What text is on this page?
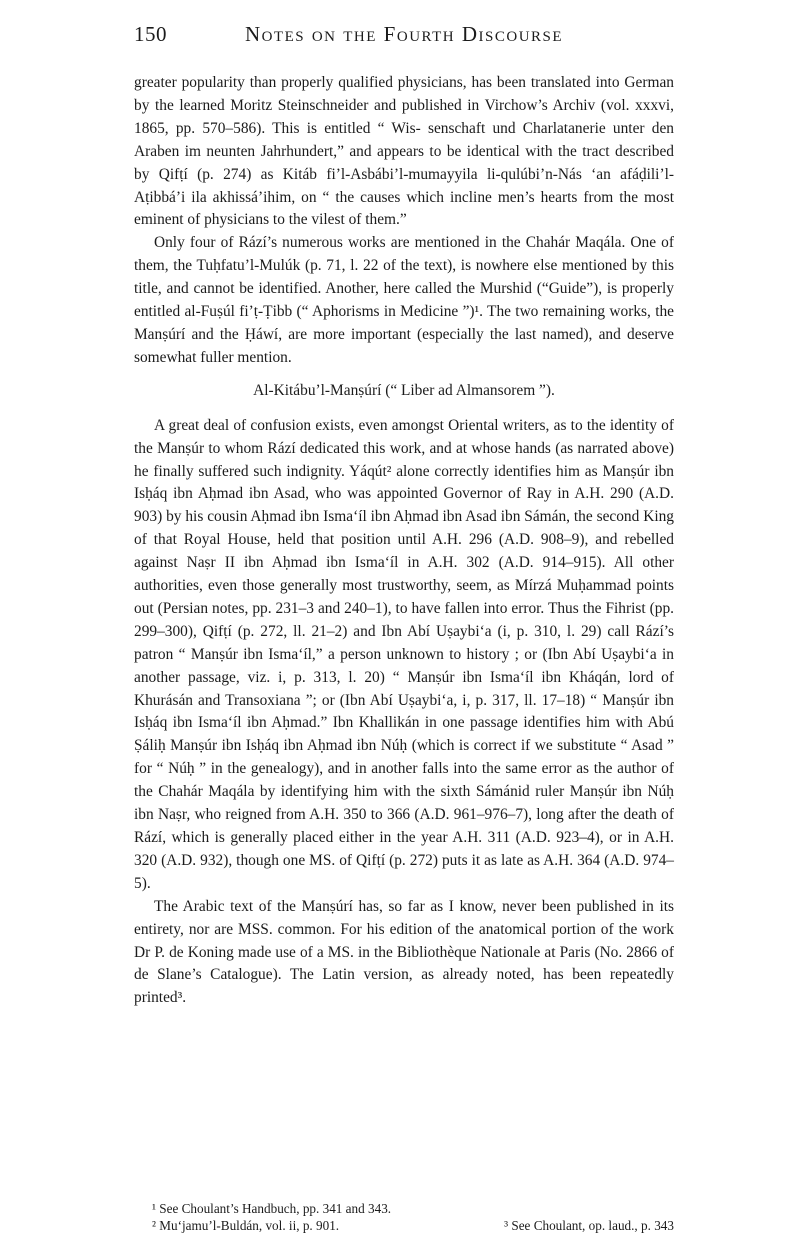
150	Notes on the Fourth Discourse

greater popularity than properly qualified physicians, has been translated into German by the learned Moritz Steinschneider and published in Virchow’s Archiv (vol. xxxvi, 1865, pp. 570–586). This is entitled “ Wis- senschaft und Charlatanerie unter den Araben im neunten Jahrhundert,” and appears to be identical with the tract described by Qifṭí (p. 274) as Kitáb fi’l-Asbábi’l-mumayyila li-qulúbi’n-Nás ‘an afáḍili’l-Aṭibbá’i ila akhissá’ihim, on “ the causes which incline men’s hearts from the most eminent of physicians to the vilest of them.”

Only four of Rází’s numerous works are mentioned in the Chahár Maqála. One of them, the Tuḥfatu’l-Mulúk (p. 71, l. 22 of the text), is nowhere else mentioned by this title, and cannot be identified. Another, here called the Murshid (“Guide”), is properly entitled al-Fuṣúl fi’ṭ-Ṭibb (“ Aphorisms in Medicine ”)¹. The two remaining works, the Manṣúrí and the Ḥáwí, are more important (especially the last named), and deserve somewhat fuller mention.

Al-Kitábu’l-Manṣúrí (“ Liber ad Almansorem ”).

A great deal of confusion exists, even amongst Oriental writers, as to the identity of the Manṣúr to whom Rází dedicated this work, and at whose hands (as narrated above) he finally suffered such indignity. Yáqút² alone correctly identifies him as Manṣúr ibn Isḥáq ibn Aḥmad ibn Asad, who was appointed Governor of Ray in A.H. 290 (A.D. 903) by his cousin Aḥmad ibn Isma‘íl ibn Aḥmad ibn Asad ibn Sámán, the second King of that Royal House, held that position until A.H. 296 (A.D. 908–9), and rebelled against Naṣr II ibn Aḥmad ibn Isma‘íl in A.H. 302 (A.D. 914–915). All other authorities, even those generally most trustworthy, seem, as Mírzá Muḥammad points out (Persian notes, pp. 231–3 and 240–1), to have fallen into error. Thus the Fihrist (pp. 299–300), Qifṭí (p. 272, ll. 21–2) and Ibn Abí Uṣaybi‘a (i, p. 310, l. 29) call Rází’s patron “ Manṣúr ibn Isma‘íl,” a person unknown to history ; or (Ibn Abí Uṣaybi‘a in another passage, viz. i, p. 313, l. 20) “ Manṣúr ibn Isma‘íl ibn Kháqán, lord of Khurásán and Transoxiana ”; or (Ibn Abí Uṣaybi‘a, i, p. 317, ll. 17–18) “ Manṣúr ibn Isḥáq ibn Isma‘íl ibn Aḥmad.” Ibn Khallikán in one passage identifies him with Abú Ṣáliḥ Manṣúr ibn Isḥáq ibn Aḥmad ibn Núḥ (which is correct if we substitute “ Asad ” for “ Núḥ ” in the genealogy), and in another falls into the same error as the author of the Chahár Maqála by identifying him with the sixth Sámánid ruler Manṣúr ibn Núḥ ibn Naṣr, who reigned from A.H. 350 to 366 (A.D. 961–976–7), long after the death of Rází, which is generally placed either in the year A.H. 311 (A.D. 923–4), or in A.H. 320 (A.D. 932), though one MS. of Qifṭí (p. 272) puts it as late as A.H. 364 (A.D. 974–5).

The Arabic text of the Manṣúrí has, so far as I know, never been published in its entirety, nor are MSS. common. For his edition of the anatomical portion of the work Dr P. de Koning made use of a MS. in the Bibliothèque Nationale at Paris (No. 2866 of de Slane’s Catalogue). The Latin version, as already noted, has been repeatedly printed³.

¹ See Choulant’s Handbuch, pp. 341 and 343.
² Mu‘jamu’l-Buldán, vol. ii, p. 901.	³ See Choulant, op. laud., p. 343
